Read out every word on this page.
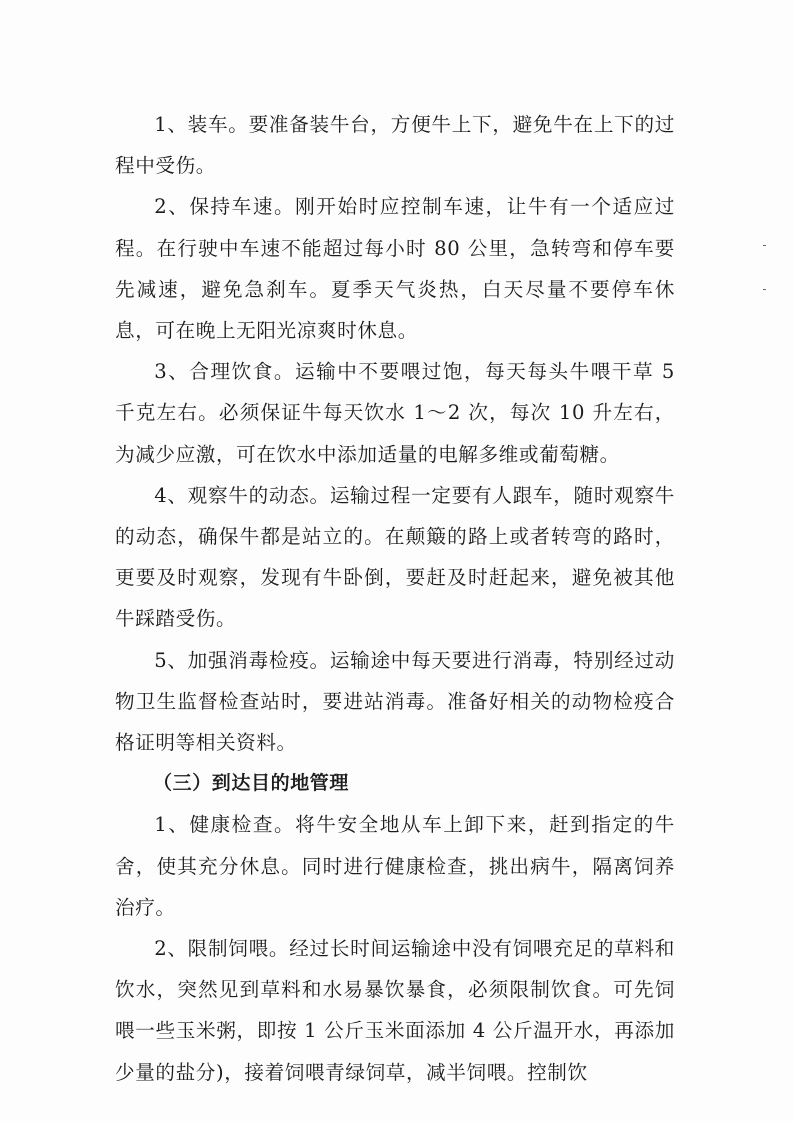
1、装车。要准备装牛台，方便牛上下，避免牛在上下的过程中受伤。

2、保持车速。刚开始时应控制车速，让牛有一个适应过程。在行驶中车速不能超过每小时 80 公里，急转弯和停车要先减速，避免急刹车。夏季天气炎热，白天尽量不要停车休息，可在晚上无阳光凉爽时休息。

3、合理饮食。运输中不要喂过饱，每天每头牛喂干草 5 千克左右。必须保证牛每天饮水 1～2 次，每次 10 升左右，为减少应激，可在饮水中添加适量的电解多维或葡萄糖。

4、观察牛的动态。运输过程一定要有人跟车，随时观察牛的动态，确保牛都是站立的。在颠簸的路上或者转弯的路时，更要及时观察，发现有牛卧倒，要赶及时赶起来，避免被其他牛踩踏受伤。

5、加强消毒检疫。运输途中每天要进行消毒，特别经过动物卫生监督检查站时，要进站消毒。准备好相关的动物检疫合格证明等相关资料。

（三）到达目的地管理

1、健康检查。将牛安全地从车上卸下来，赶到指定的牛舍，使其充分休息。同时进行健康检查，挑出病牛，隔离饲养治疗。

2、限制饲喂。经过长时间运输途中没有饲喂充足的草料和饮水，突然见到草料和水易暴饮暴食，必须限制饮食。可先饲喂一些玉米粥，即按 1 公斤玉米面添加 4 公斤温开水，再添加少量的盐分)，接着饲喂青绿饲草，减半饲喂。控制饮
